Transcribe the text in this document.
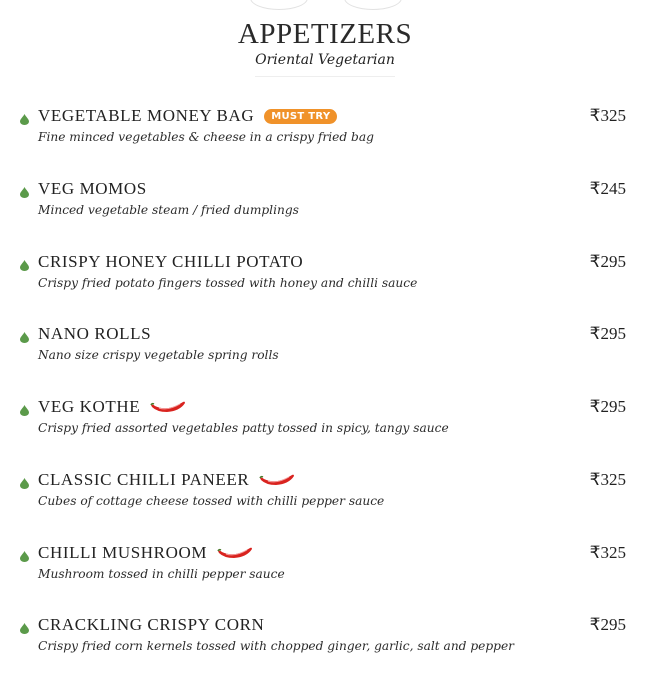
APPETIZERS
Oriental Vegetarian
VEGETABLE MONEY BAG	MUST TRY
Fine minced vegetables & cheese in a crispy fried bag
₹325
VEG MOMOS
Minced vegetable steam / fried dumplings
₹245
CRISPY HONEY CHILLI POTATO
Crispy fried potato fingers tossed with honey and chilli sauce
₹295
NANO ROLLS
Nano size crispy vegetable spring rolls
₹295
VEG KOTHE
Crispy fried assorted vegetables patty tossed in spicy, tangy sauce
₹295
CLASSIC CHILLI PANEER
Cubes of cottage cheese tossed with chilli pepper sauce
₹325
CHILLI MUSHROOM
Mushroom tossed in chilli pepper sauce
₹325
CRACKLING CRISPY CORN
Crispy fried corn kernels tossed with chopped ginger, garlic, salt and pepper
₹295
